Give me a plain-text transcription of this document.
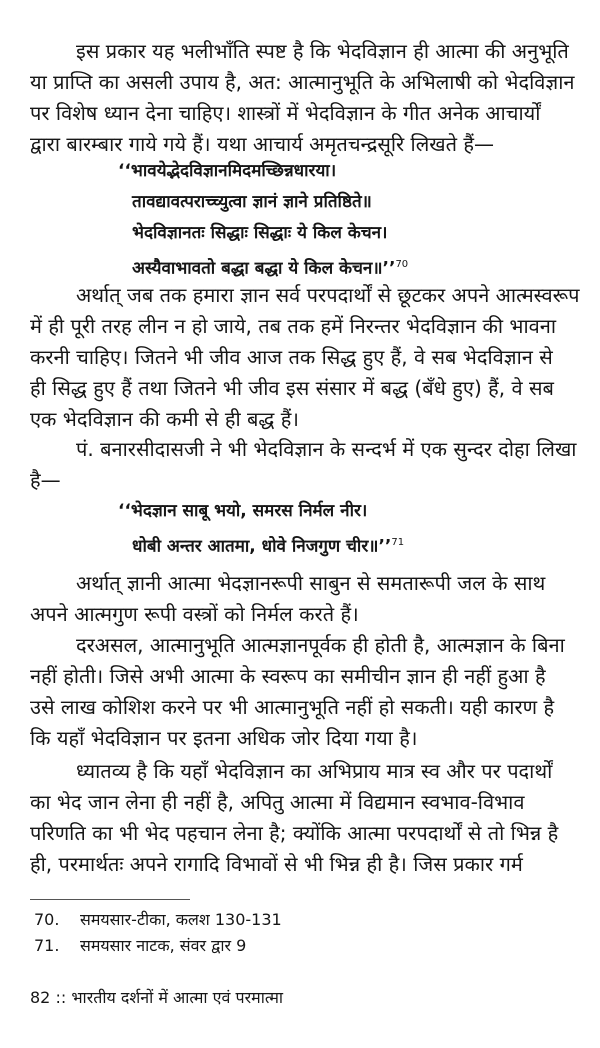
इस प्रकार यह भलीभाँति स्पष्ट है कि भेदविज्ञान ही आत्मा की अनुभूति
या प्राप्ति का असली उपाय है, अत: आत्मानुभूति के अभिलाषी को भेदविज्ञान
पर विशेष ध्यान देना चाहिए। शास्त्रों में भेदविज्ञान के गीत अनेक आचार्यों
द्वारा बारम्बार गाये गये हैं। यथा आचार्य अमृतचन्द्रसूरि लिखते हैं—

‘‘भावयेद्भेदविज्ञानमिदमच्छिन्नधारया।
तावद्यावत्पराच्च्युत्वा ज्ञानं ज्ञाने प्रतिष्ठिते॥
भेदविज्ञानतः सिद्धाः सिद्धाः ये किल केचन।
अस्यैवाभावतो बद्धा बद्धा ये किल केचन॥’’$^{70}$

अर्थात् जब तक हमारा ज्ञान सर्व परपदार्थों से छूटकर अपने आत्मस्वरूप
में ही पूरी तरह लीन न हो जाये, तब तक हमें निरन्तर भेदविज्ञान की भावना
करनी चाहिए। जितने भी जीव आज तक सिद्ध हुए हैं, वे सब भेदविज्ञान से
ही सिद्ध हुए हैं तथा जितने भी जीव इस संसार में बद्ध (बँधे हुए) हैं, वे सब
एक भेदविज्ञान की कमी से ही बद्ध हैं।

पं. बनारसीदासजी ने भी भेदविज्ञान के सन्दर्भ में एक सुन्दर दोहा लिखा
है—

‘‘भेदज्ञान साबू भयो, समरस निर्मल नीर।
धोबी अन्तर आतमा, धोवे निजगुण चीर॥’’$^{71}$

अर्थात् ज्ञानी आत्मा भेदज्ञानरूपी साबुन से समतारूपी जल के साथ
अपने आत्मगुण रूपी वस्त्रों को निर्मल करते हैं।

दरअसल, आत्मानुभूति आत्मज्ञानपूर्वक ही होती है, आत्मज्ञान के बिना
नहीं होती। जिसे अभी आत्मा के स्वरूप का समीचीन ज्ञान ही नहीं हुआ है
उसे लाख कोशिश करने पर भी आत्मानुभूति नहीं हो सकती। यही कारण है
कि यहाँ भेदविज्ञान पर इतना अधिक जोर दिया गया है।

ध्यातव्य है कि यहाँ भेदविज्ञान का अभिप्राय मात्र स्व और पर पदार्थों
का भेद जान लेना ही नहीं है, अपितु आत्मा में विद्यमान स्वभाव-विभाव
परिणति का भी भेद पहचान लेना है; क्योंकि आत्मा परपदार्थों से तो भिन्न है
ही, परमार्थतः अपने रागादि विभावों से भी भिन्न ही है। जिस प्रकार गर्म

70. समयसार-टीका, कलश 130-131
71. समयसार नाटक, संवर द्वार 9
82 :: भारतीय दर्शनों में आत्मा एवं परमात्मा
